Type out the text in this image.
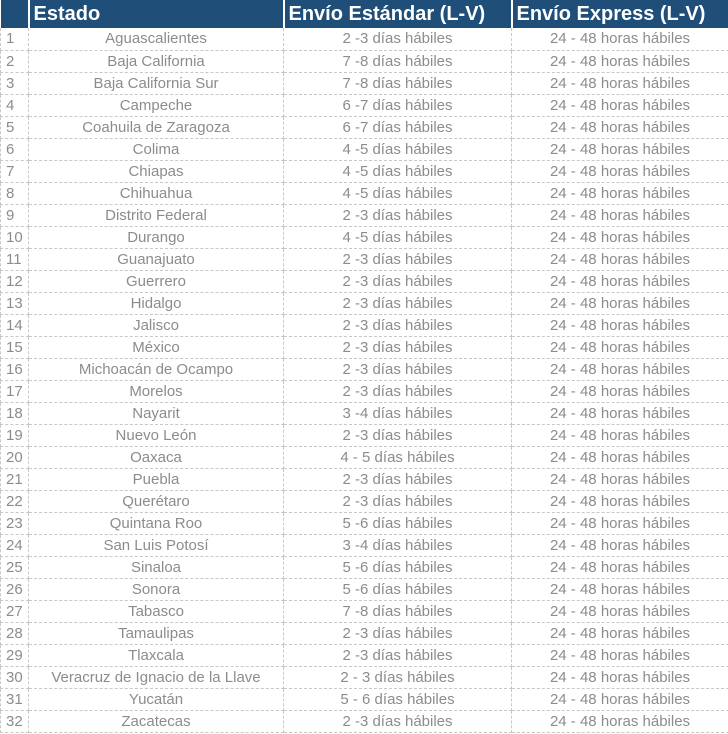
	Estado	Envío Estándar (L-V)	Envío Express (L-V)
1	Aguascalientes	2 -3 días hábiles	24 - 48 horas hábiles
2	Baja California	7 -8 días hábiles	24 - 48 horas hábiles
3	Baja California Sur	7 -8 días hábiles	24 - 48 horas hábiles
4	Campeche	6 -7 días hábiles	24 - 48 horas hábiles
5	Coahuila de Zaragoza	6 -7 días hábiles	24 - 48 horas hábiles
6	Colima	4 -5 días hábiles	24 - 48 horas hábiles
7	Chiapas	4 -5 días hábiles	24 - 48 horas hábiles
8	Chihuahua	4 -5 días hábiles	24 - 48 horas hábiles
9	Distrito Federal	2 -3 días hábiles	24 - 48 horas hábiles
10	Durango	4 -5 días hábiles	24 - 48 horas hábiles
11	Guanajuato	2 -3 días hábiles	24 - 48 horas hábiles
12	Guerrero	2 -3 días hábiles	24 - 48 horas hábiles
13	Hidalgo	2 -3 días hábiles	24 - 48 horas hábiles
14	Jalisco	2 -3 días hábiles	24 - 48 horas hábiles
15	México	2 -3 días hábiles	24 - 48 horas hábiles
16	Michoacán de Ocampo	2 -3 días hábiles	24 - 48 horas hábiles
17	Morelos	2 -3 días hábiles	24 - 48 horas hábiles
18	Nayarit	3 -4 días hábiles	24 - 48 horas hábiles
19	Nuevo León	2 -3 días hábiles	24 - 48 horas hábiles
20	Oaxaca	4 - 5 días hábiles	24 - 48 horas hábiles
21	Puebla	2 -3 días hábiles	24 - 48 horas hábiles
22	Querétaro	2 -3 días hábiles	24 - 48 horas hábiles
23	Quintana Roo	5 -6 días hábiles	24 - 48 horas hábiles
24	San Luis Potosí	3 -4 días hábiles	24 - 48 horas hábiles
25	Sinaloa	5 -6 días hábiles	24 - 48 horas hábiles
26	Sonora	5 -6 días hábiles	24 - 48 horas hábiles
27	Tabasco	7 -8 días hábiles	24 - 48 horas hábiles
28	Tamaulipas	2 -3 días hábiles	24 - 48 horas hábiles
29	Tlaxcala	2 -3 días hábiles	24 - 48 horas hábiles
30	Veracruz de Ignacio de la Llave	2 - 3 días hábiles	24 - 48 horas hábiles
31	Yucatán	5 - 6 días hábiles	24 - 48 horas hábiles
32	Zacatecas	2 -3 días hábiles	24 - 48 horas hábiles
